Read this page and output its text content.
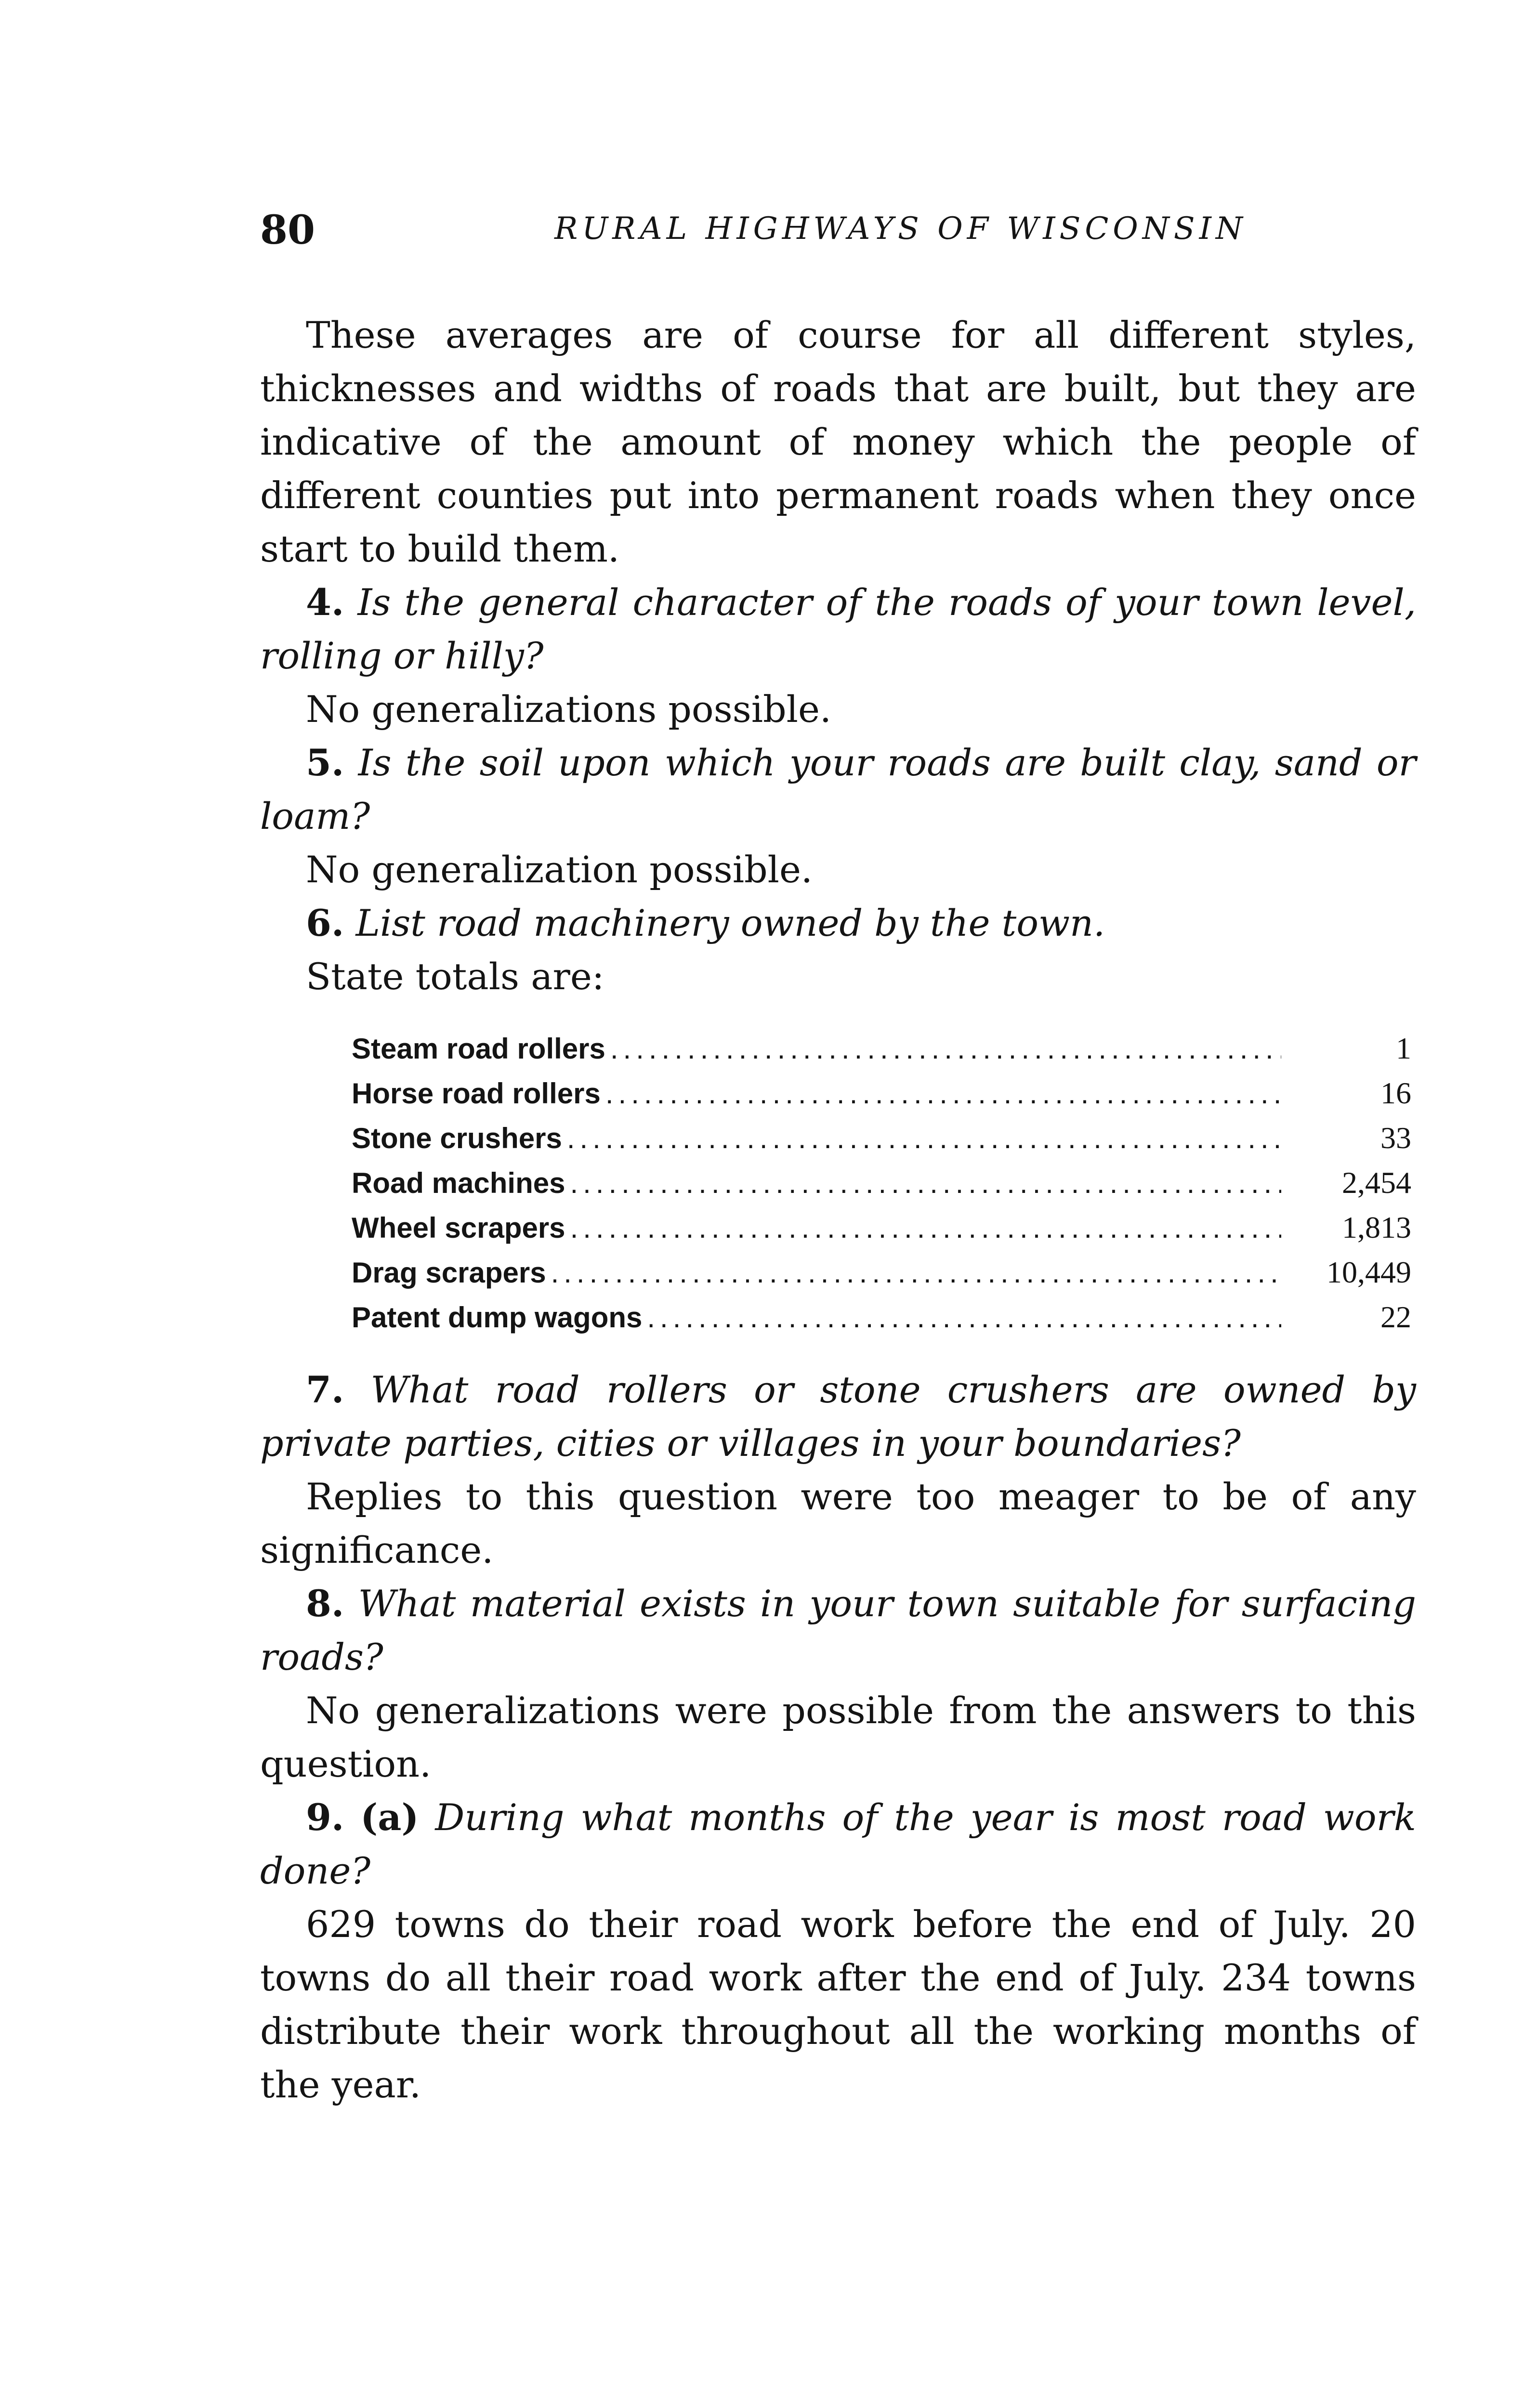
80	RURAL HIGHWAYS OF WISCONSIN

These averages are of course for all different styles, thicknesses and widths of roads that are built, but they are indicative of the amount of money which the people of different counties put into permanent roads when they once start to build them.

4. Is the general character of the roads of your town level, rolling or hilly?

No generalizations possible.

5. Is the soil upon which your roads are built clay, sand or loam?

No generalization possible.

6. List road machinery owned by the town.

State totals are:

Steam road rollers .....	1
Horse road rollers .....	16
Stone crushers .....	33
Road machines .....	2,454
Wheel scrapers .....	1,813
Drag scrapers .....	10,449
Patent dump wagons .....	22

7. What road rollers or stone crushers are owned by private parties, cities or villages in your boundaries?

Replies to this question were too meager to be of any significance.

8. What material exists in your town suitable for surfacing roads?

No generalizations were possible from the answers to this question.

9. (a) During what months of the year is most road work done?

629 towns do their road work before the end of July. 20 towns do all their road work after the end of July. 234 towns distribute their work throughout all the working months of the year.
